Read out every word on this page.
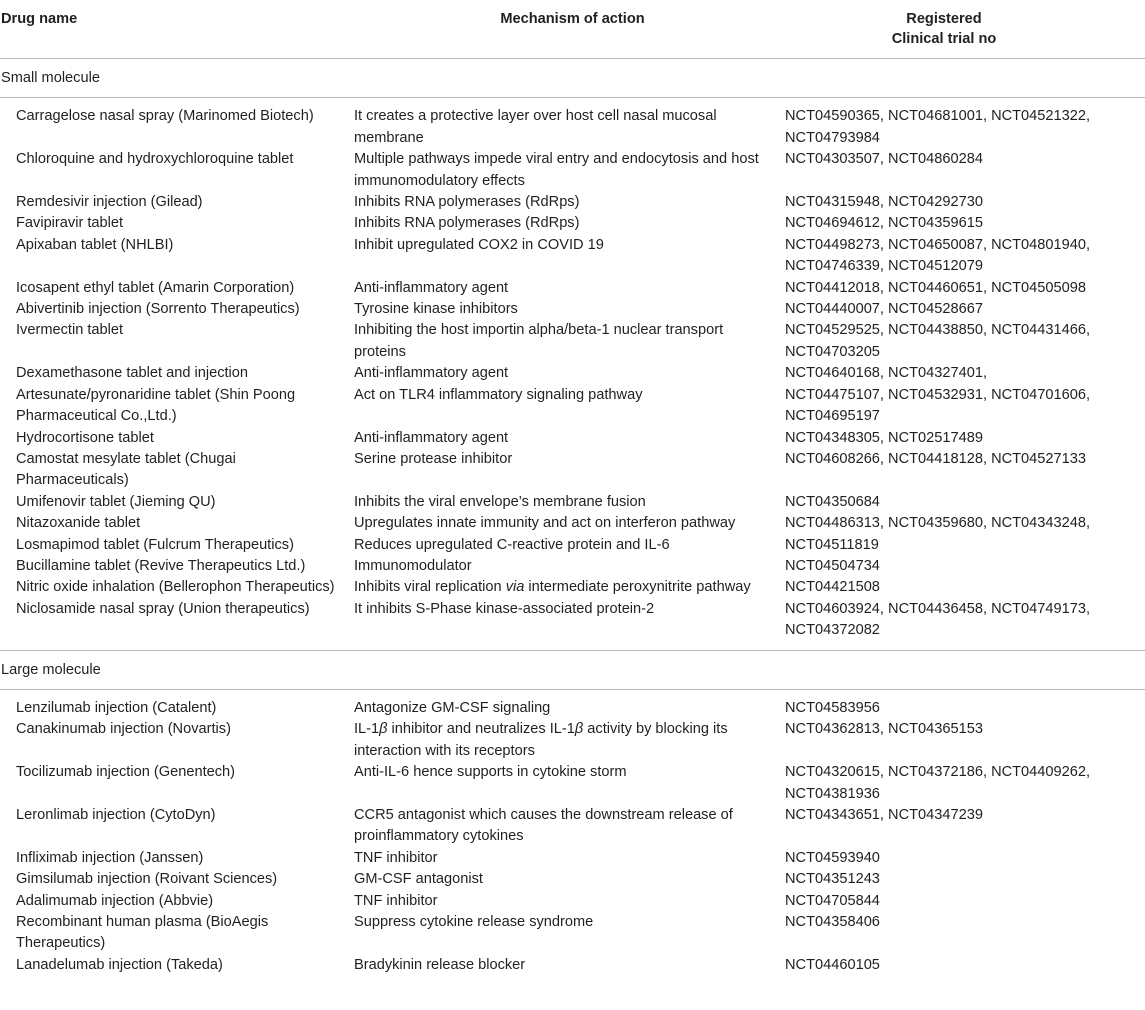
Drug name	Mechanism of action	Registered
Clinical trial no
Small molecule		

Carragelose nasal spray (Marinomed Biotech)	It creates a protective layer over host cell nasal mucosal membrane	NCT04590365, NCT04681001, NCT04521322, NCT04793984
Chloroquine and hydroxychloroquine tablet	Multiple pathways impede viral entry and endocytosis and host immunomodulatory effects	NCT04303507, NCT04860284
Remdesivir injection (Gilead)	Inhibits RNA polymerases (RdRps)	NCT04315948, NCT04292730
Favipiravir tablet	Inhibits RNA polymerases (RdRps)	NCT04694612, NCT04359615
Apixaban tablet (NHLBI)	Inhibit upregulated COX2 in COVID 19	NCT04498273, NCT04650087, NCT04801940, NCT04746339, NCT04512079
Icosapent ethyl tablet (Amarin Corporation)	Anti-inflammatory agent	NCT04412018, NCT04460651, NCT04505098
Abivertinib injection (Sorrento Therapeutics)	Tyrosine kinase inhibitors	NCT04440007, NCT04528667
Ivermectin tablet	Inhibiting the host importin alpha/beta-1 nuclear transport proteins	NCT04529525, NCT04438850, NCT04431466, NCT04703205
Dexamethasone tablet and injection	Anti-inflammatory agent	NCT04640168, NCT04327401,
Artesunate/pyronaridine tablet (Shin Poong Pharmaceutical Co.,Ltd.)	Act on TLR4 inflammatory signaling pathway	NCT04475107, NCT04532931, NCT04701606, NCT04695197
Hydrocortisone tablet	Anti-inflammatory agent	NCT04348305, NCT02517489
Camostat mesylate tablet (Chugai Pharmaceuticals)	Serine protease inhibitor	NCT04608266, NCT04418128, NCT04527133
Umifenovir tablet (Jieming QU)	Inhibits the viral envelope’s membrane fusion	NCT04350684
Nitazoxanide tablet	Upregulates innate immunity and act on interferon pathway	NCT04486313, NCT04359680, NCT04343248,
Losmapimod tablet (Fulcrum Therapeutics)	Reduces upregulated C-reactive protein and IL-6	NCT04511819
Bucillamine tablet (Revive Therapeutics Ltd.)	Immunomodulator	NCT04504734
Nitric oxide inhalation (Bellerophon Therapeutics)	Inhibits viral replication via intermediate peroxynitrite pathway	NCT04421508
Niclosamide nasal spray (Union therapeutics)	It inhibits S-Phase kinase-associated protein-2	NCT04603924, NCT04436458, NCT04749173, NCT04372082

Large molecule		

Lenzilumab injection (Catalent)	Antagonize GM-CSF signaling	NCT04583956
Canakinumab injection (Novartis)	IL-1β inhibitor and neutralizes IL-1β activity by blocking its interaction with its receptors	NCT04362813, NCT04365153
Tocilizumab injection (Genentech)	Anti-IL-6 hence supports in cytokine storm	NCT04320615, NCT04372186, NCT04409262, NCT04381936
Leronlimab injection (CytoDyn)	CCR5 antagonist which causes the downstream release of proinflammatory cytokines	NCT04343651, NCT04347239
Infliximab injection (Janssen)	TNF inhibitor	NCT04593940
Gimsilumab injection (Roivant Sciences)	GM-CSF antagonist	NCT04351243
Adalimumab injection (Abbvie)	TNF inhibitor	NCT04705844
Recombinant human plasma (BioAegis Therapeutics)	Suppress cytokine release syndrome	NCT04358406
Lanadelumab injection (Takeda)	Bradykinin release blocker	NCT04460105
